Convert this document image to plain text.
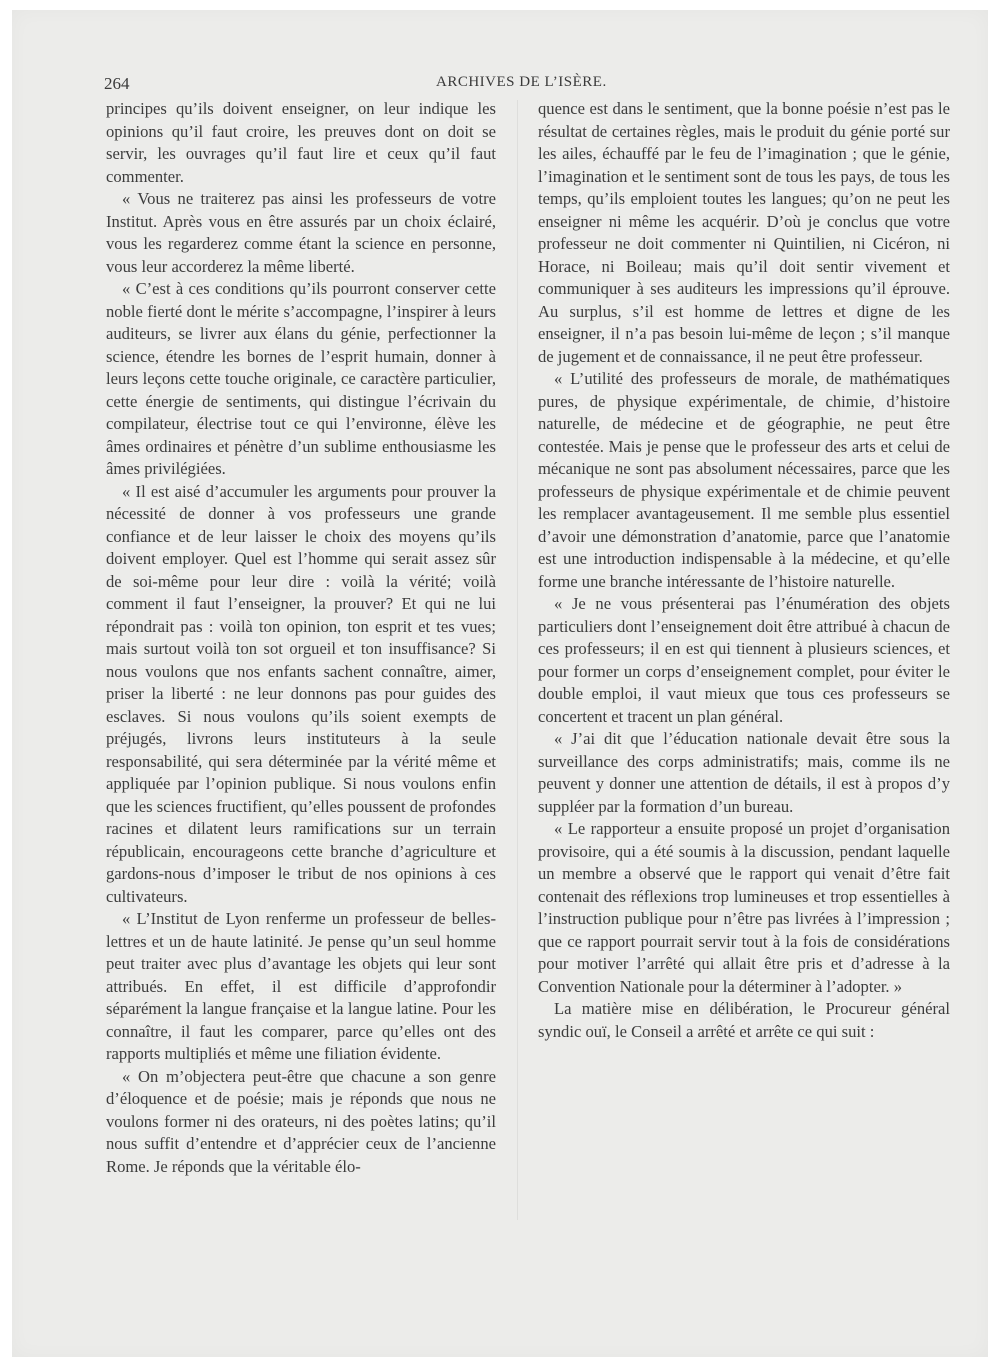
264	ARCHIVES DE L’ISÈRE.

principes qu’ils doivent enseigner, on leur indique les opinions qu’il faut croire, les preuves dont on doit se servir, les ouvrages qu’il faut lire et ceux qu’il faut commenter.

« Vous ne traiterez pas ainsi les professeurs de votre Institut. Après vous en être assurés par un choix éclairé, vous les regarderez comme étant la science en personne, vous leur accorderez la même liberté.

« C’est à ces conditions qu’ils pourront conserver cette noble fierté dont le mérite s’accompagne, l’inspirer à leurs auditeurs, se livrer aux élans du génie, perfectionner la science, étendre les bornes de l’esprit humain, donner à leurs leçons cette touche originale, ce caractère particulier, cette énergie de sentiments, qui distingue l’écrivain du compilateur, électrise tout ce qui l’environne, élève les âmes ordinaires et pénètre d’un sublime enthousiasme les âmes privilégiées.

« Il est aisé d’accumuler les arguments pour prouver la nécessité de donner à vos professeurs une grande confiance et de leur laisser le choix des moyens qu’ils doivent employer. Quel est l’homme qui serait assez sûr de soi-même pour leur dire : voilà la vérité; voilà comment il faut l’enseigner, la prouver? Et qui ne lui répondrait pas : voilà ton opinion, ton esprit et tes vues; mais surtout voilà ton sot orgueil et ton insuffisance? Si nous voulons que nos enfants sachent connaître, aimer, priser la liberté : ne leur donnons pas pour guides des esclaves. Si nous voulons qu’ils soient exempts de préjugés, livrons leurs instituteurs à la seule responsabilité, qui sera déterminée par la vérité même et appliquée par l’opinion publique. Si nous voulons enfin que les sciences fructifient, qu’elles poussent de profondes racines et dilatent leurs ramifications sur un terrain républicain, encourageons cette branche d’agriculture et gardons-nous d’imposer le tribut de nos opinions à ces cultivateurs.

« L’Institut de Lyon renferme un professeur de belles-lettres et un de haute latinité. Je pense qu’un seul homme peut traiter avec plus d’avantage les objets qui leur sont attribués. En effet, il est difficile d’approfondir séparément la langue française et la langue latine. Pour les connaître, il faut les comparer, parce qu’elles ont des rapports multipliés et même une filiation évidente.

« On m’objectera peut-être que chacune a son genre d’éloquence et de poésie; mais je réponds que nous ne voulons former ni des orateurs, ni des poètes latins; qu’il nous suffit d’entendre et d’apprécier ceux de l’ancienne Rome. Je réponds que la véritable élo-

quence est dans le sentiment, que la bonne poésie n’est pas le résultat de certaines règles, mais le produit du génie porté sur les ailes, échauffé par le feu de l’imagination ; que le génie, l’imagination et le sentiment sont de tous les pays, de tous les temps, qu’ils emploient toutes les langues; qu’on ne peut les enseigner ni même les acquérir. D’où je conclus que votre professeur ne doit commenter ni Quintilien, ni Cicéron, ni Horace, ni Boileau; mais qu’il doit sentir vivement et communiquer à ses auditeurs les impressions qu’il éprouve. Au surplus, s’il est homme de lettres et digne de les enseigner, il n’a pas besoin lui-même de leçon ; s’il manque de jugement et de connaissance, il ne peut être professeur.

« L’utilité des professeurs de morale, de mathématiques pures, de physique expérimentale, de chimie, d’histoire naturelle, de médecine et de géographie, ne peut être contestée. Mais je pense que le professeur des arts et celui de mécanique ne sont pas absolument nécessaires, parce que les professeurs de physique expérimentale et de chimie peuvent les remplacer avantageusement. Il me semble plus essentiel d’avoir une démonstration d’anatomie, parce que l’anatomie est une introduction indispensable à la médecine, et qu’elle forme une branche intéressante de l’histoire naturelle.

« Je ne vous présenterai pas l’énumération des objets particuliers dont l’enseignement doit être attribué à chacun de ces professeurs; il en est qui tiennent à plusieurs sciences, et pour former un corps d’enseignement complet, pour éviter le double emploi, il vaut mieux que tous ces professeurs se concertent et tracent un plan général.

« J’ai dit que l’éducation nationale devait être sous la surveillance des corps administratifs; mais, comme ils ne peuvent y donner une attention de détails, il est à propos d’y suppléer par la formation d’un bureau.

« Le rapporteur a ensuite proposé un projet d’organisation provisoire, qui a été soumis à la discussion, pendant laquelle un membre a observé que le rapport qui venait d’être fait contenait des réflexions trop lumineuses et trop essentielles à l’instruction publique pour n’être pas livrées à l’impression ; que ce rapport pourrait servir tout à la fois de considérations pour motiver l’arrêté qui allait être pris et d’adresse à la Convention Nationale pour la déterminer à l’adopter. »

La matière mise en délibération, le Procureur général syndic ouï, le Conseil a arrêté et arrête ce qui suit :
